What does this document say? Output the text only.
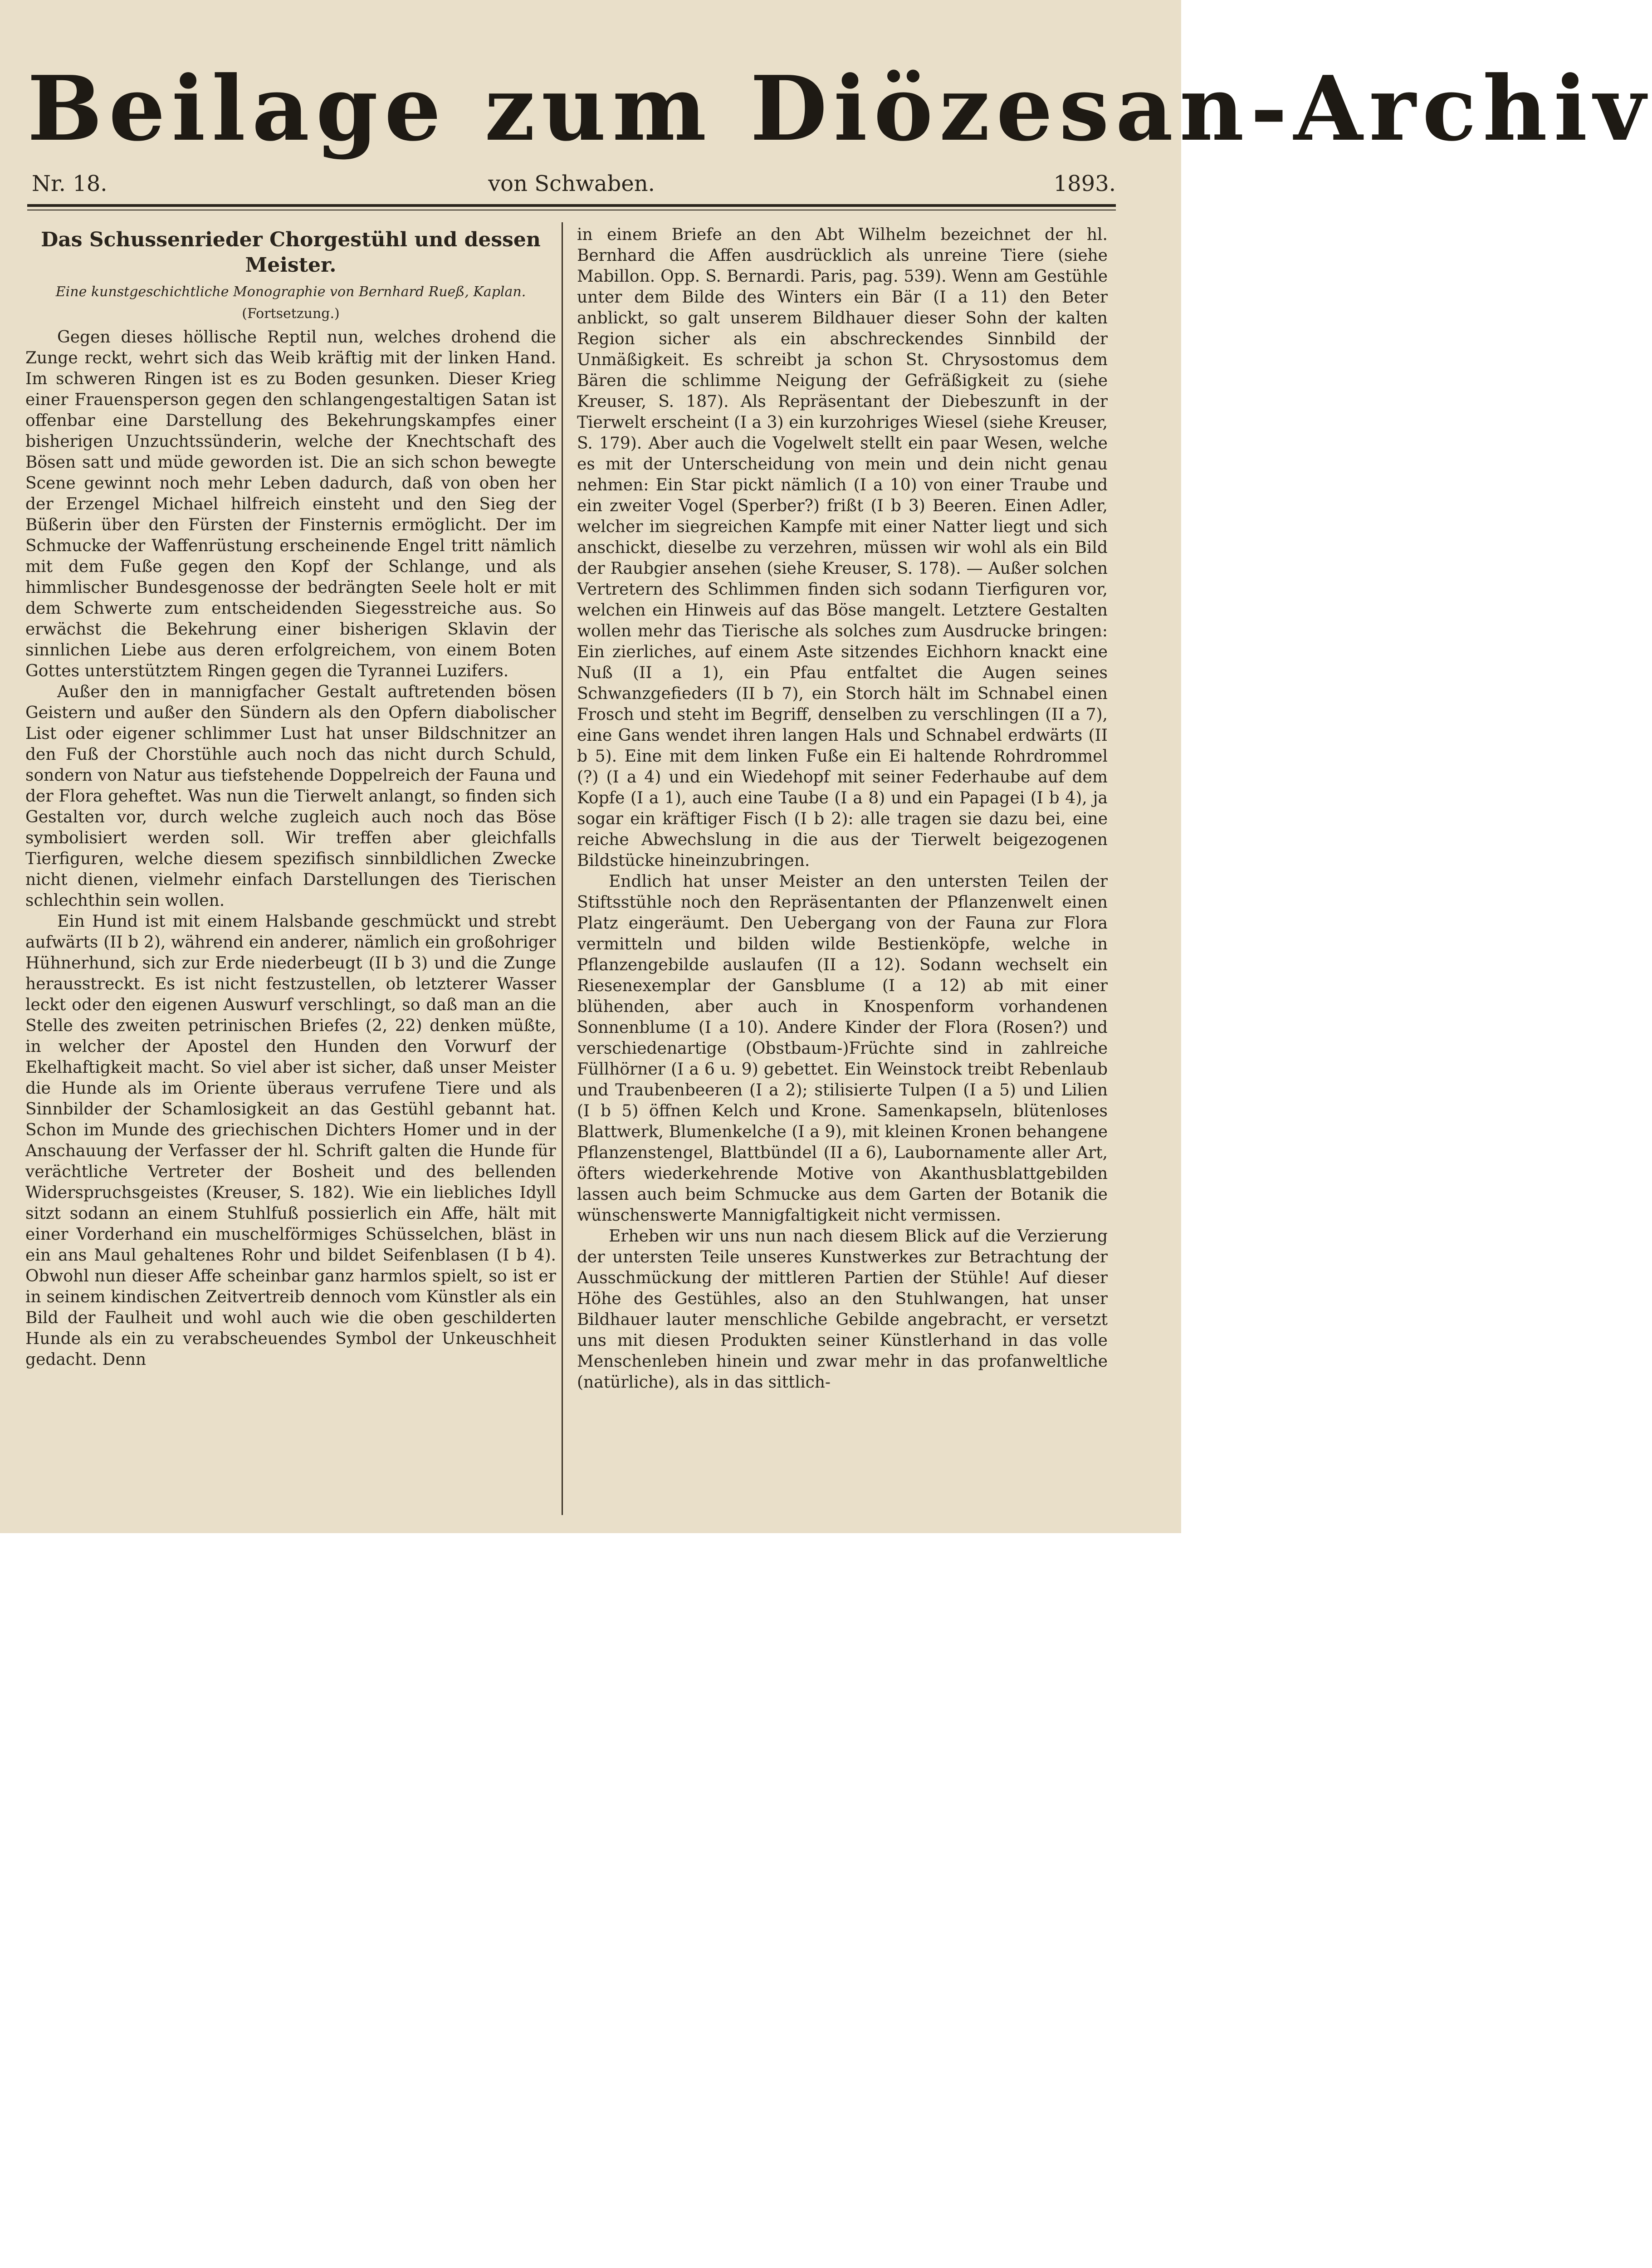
Beilage zum Diözesan-Archiv
von Schwaben.
Nr. 18.	1893.
Das Schussenrieder Chorgestühl und dessen Meister.
Eine kunstgeschichtliche Monographie von Bernhard Rueß, Kaplan.
(Fortsetzung.)

Gegen dieses höllische Reptil nun, welches drohend die Zunge reckt, wehrt sich das Weib kräftig mit der linken Hand. Im schweren Ringen ist es zu Boden gesunken. Dieser Krieg einer Frauensperson gegen den schlangengestaltigen Satan ist offenbar eine Darstellung des Bekehrungskampfes einer bisherigen Unzuchtssünderin, welche der Knechtschaft des Bösen satt und müde geworden ist. Die an sich schon bewegte Scene gewinnt noch mehr Leben dadurch, daß von oben her der Erzengel Michael hilfreich einsteht und den Sieg der Büßerin über den Fürsten der Finsternis ermöglicht. Der im Schmucke der Waffenrüstung erscheinende Engel tritt nämlich mit dem Fuße gegen den Kopf der Schlange, und als himmlischer Bundesgenosse der bedrängten Seele holt er mit dem Schwerte zum entscheidenden Siegesstreiche aus. So erwächst die Bekehrung einer bisherigen Sklavin der sinnlichen Liebe aus deren erfolgreichem, von einem Boten Gottes unterstütztem Ringen gegen die Tyrannei Luzifers.

Außer den in mannigfacher Gestalt auftretenden bösen Geistern und außer den Sündern als den Opfern diabolischer List oder eigener schlimmer Lust hat unser Bildschnitzer an den Fuß der Chorstühle auch noch das nicht durch Schuld, sondern von Natur aus tiefstehende Doppelreich der Fauna und der Flora geheftet. Was nun die Tierwelt anlangt, so finden sich Gestalten vor, durch welche zugleich auch noch das Böse symbolisiert werden soll. Wir treffen aber gleichfalls Tierfiguren, welche diesem spezifisch sinnbildlichen Zwecke nicht dienen, vielmehr einfach Darstellungen des Tierischen schlechthin sein wollen.

Ein Hund ist mit einem Halsbande geschmückt und strebt aufwärts (II b 2), während ein anderer, nämlich ein großohriger Hühnerhund, sich zur Erde niederbeugt (II b 3) und die Zunge herausstreckt. Es ist nicht festzustellen, ob letzterer Wasser leckt oder den eigenen Auswurf verschlingt, so daß man an die Stelle des zweiten petrinischen Briefes (2, 22) denken müßte, in welcher der Apostel den Hunden den Vorwurf der Ekelhaftigkeit macht. So viel aber ist sicher, daß unser Meister die Hunde als im Oriente überaus verrufene Tiere und als Sinnbilder der Schamlosigkeit an das Gestühl gebannt hat. Schon im Munde des griechischen Dichters Homer und in der Anschauung der Verfasser der hl. Schrift galten die Hunde für verächtliche Vertreter der Bosheit und des bellenden Widerspruchsgeistes (Kreuser, S. 182). Wie ein liebliches Idyll sitzt sodann an einem Stuhlfuß possierlich ein Affe, hält mit einer Vorderhand ein muschelförmiges Schüsselchen, bläst in ein ans Maul gehaltenes Rohr und bildet Seifenblasen (I b 4). Obwohl nun dieser Affe scheinbar ganz harmlos spielt, so ist er in seinem kindischen Zeitvertreib dennoch vom Künstler als ein Bild der Faulheit und wohl auch wie die oben geschilderten Hunde als ein zu verabscheuendes Symbol der Unkeuschheit gedacht. Denn

in einem Briefe an den Abt Wilhelm bezeichnet der hl. Bernhard die Affen ausdrücklich als unreine Tiere (siehe Mabillon. Opp. S. Bernardi. Paris, pag. 539). Wenn am Gestühle unter dem Bilde des Winters ein Bär (I a 11) den Beter anblickt, so galt unserem Bildhauer dieser Sohn der kalten Region sicher als ein abschreckendes Sinnbild der Unmäßigkeit. Es schreibt ja schon St. Chrysostomus dem Bären die schlimme Neigung der Gefräßigkeit zu (siehe Kreuser, S. 187). Als Repräsentant der Diebeszunft in der Tierwelt erscheint (I a 3) ein kurzohriges Wiesel (siehe Kreuser, S. 179). Aber auch die Vogelwelt stellt ein paar Wesen, welche es mit der Unterscheidung von mein und dein nicht genau nehmen: Ein Star pickt nämlich (I a 10) von einer Traube und ein zweiter Vogel (Sperber?) frißt (I b 3) Beeren. Einen Adler, welcher im siegreichen Kampfe mit einer Natter liegt und sich anschickt, dieselbe zu verzehren, müssen wir wohl als ein Bild der Raubgier ansehen (siehe Kreuser, S. 178). — Außer solchen Vertretern des Schlimmen finden sich sodann Tierfiguren vor, welchen ein Hinweis auf das Böse mangelt. Letztere Gestalten wollen mehr das Tierische als solches zum Ausdrucke bringen: Ein zierliches, auf einem Aste sitzendes Eichhorn knackt eine Nuß (II a 1), ein Pfau entfaltet die Augen seines Schwanzgefieders (II b 7), ein Storch hält im Schnabel einen Frosch und steht im Begriff, denselben zu verschlingen (II a 7), eine Gans wendet ihren langen Hals und Schnabel erdwärts (II b 5). Eine mit dem linken Fuße ein Ei haltende Rohrdrommel (?) (I a 4) und ein Wiedehopf mit seiner Federhaube auf dem Kopfe (I a 1), auch eine Taube (I a 8) und ein Papagei (I b 4), ja sogar ein kräftiger Fisch (I b 2): alle tragen sie dazu bei, eine reiche Abwechslung in die aus der Tierwelt beigezogenen Bildstücke hineinzubringen.

Endlich hat unser Meister an den untersten Teilen der Stiftsstühle noch den Repräsentanten der Pflanzenwelt einen Platz eingeräumt. Den Uebergang von der Fauna zur Flora vermitteln und bilden wilde Bestienköpfe, welche in Pflanzengebilde auslaufen (II a 12). Sodann wechselt ein Riesenexemplar der Gansblume (I a 12) ab mit einer blühenden, aber auch in Knospenform vorhandenen Sonnenblume (I a 10). Andere Kinder der Flora (Rosen?) und verschiedenartige (Obstbaum-)Früchte sind in zahlreiche Füllhörner (I a 6 u. 9) gebettet. Ein Weinstock treibt Rebenlaub und Traubenbeeren (I a 2); stilisierte Tulpen (I a 5) und Lilien (I b 5) öffnen Kelch und Krone. Samenkapseln, blütenloses Blattwerk, Blumenkelche (I a 9), mit kleinen Kronen behangene Pflanzenstengel, Blattbündel (II a 6), Laubornamente aller Art, öfters wiederkehrende Motive von Akanthusblattgebilden lassen auch beim Schmucke aus dem Garten der Botanik die wünschenswerte Mannigfaltigkeit nicht vermissen.

Erheben wir uns nun nach diesem Blick auf die Verzierung der untersten Teile unseres Kunstwerkes zur Betrachtung der Ausschmückung der mittleren Partien der Stühle! Auf dieser Höhe des Gestühles, also an den Stuhlwangen, hat unser Bildhauer lauter menschliche Gebilde angebracht, er versetzt uns mit diesen Produkten seiner Künstlerhand in das volle Menschenleben hinein und zwar mehr in das profanweltliche (natürliche), als in das sittlich-
